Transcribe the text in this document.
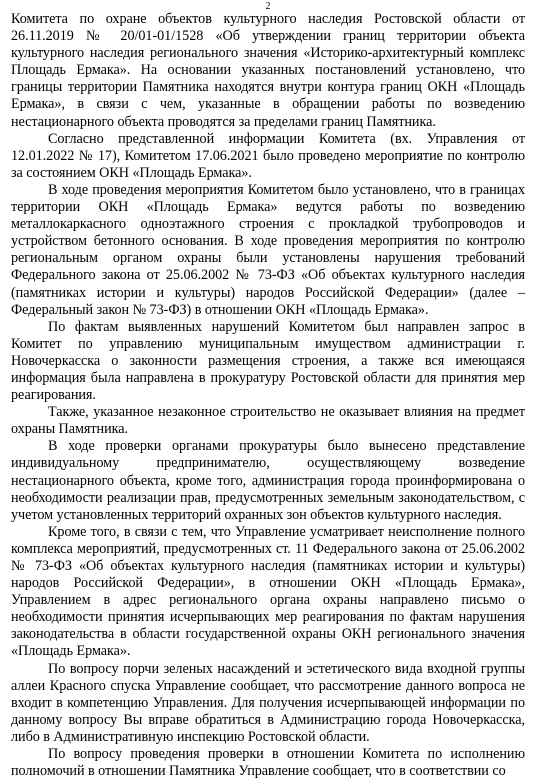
2

Комитета по охране объектов культурного наследия Ростовской области от 26.11.2019 № 20/01-01/1528 «Об утверждении границ территории объекта культурного наследия регионального значения «Историко-архитектурный комплекс Площадь Ермака». На основании указанных постановлений установлено, что границы территории Памятника находятся внутри контура границ ОКН «Площадь Ермака», в связи с чем, указанные в обращении работы по возведению нестационарного объекта проводятся за пределами границ Памятника.

Согласно представленной информации Комитета (вх. Управления от 12.01.2022 № 17), Комитетом 17.06.2021 было проведено мероприятие по контролю за состоянием ОКН «Площадь Ермака».

В ходе проведения мероприятия Комитетом было установлено, что в границах территории ОКН «Площадь Ермака» ведутся работы по возведению металлокаркасного одноэтажного строения с прокладкой трубопроводов и устройством бетонного основания. В ходе проведения мероприятия по контролю региональным органом охраны были установлены нарушения требований Федерального закона от 25.06.2002 № 73-ФЗ «Об объектах культурного наследия (памятниках истории и культуры) народов Российской Федерации» (далее – Федеральный закон № 73-ФЗ) в отношении ОКН «Площадь Ермака».

По фактам выявленных нарушений Комитетом был направлен запрос в Комитет по управлению муниципальным имуществом администрации г. Новочеркасска о законности размещения строения, а также вся имеющаяся информация была направлена в прокуратуру Ростовской области для принятия мер реагирования.

Также, указанное незаконное строительство не оказывает влияния на предмет охраны Памятника.

В ходе проверки органами прокуратуры было вынесено представление индивидуальному предпринимателю, осуществляющему возведение нестационарного объекта, кроме того, администрация города проинформирована о необходимости реализации прав, предусмотренных земельным законодательством, с учетом установленных территорий охранных зон объектов культурного наследия.

Кроме того, в связи с тем, что Управление усматривает неисполнение полного комплекса мероприятий, предусмотренных ст. 11 Федерального закона от 25.06.2002 № 73-ФЗ «Об объектах культурного наследия (памятниках истории и культуры) народов Российской Федерации», в отношении ОКН «Площадь Ермака», Управлением в адрес регионального органа охраны направлено письмо о необходимости принятия исчерпывающих мер реагирования по фактам нарушения законодательства в области государственной охраны ОКН регионального значения «Площадь Ермака».

По вопросу порчи зеленых насаждений и эстетического вида входной группы аллеи Красного спуска Управление сообщает, что рассмотрение данного вопроса не входит в компетенцию Управления. Для получения исчерпывающей информации по данному вопросу Вы вправе обратиться в Администрацию города Новочеркасска, либо в Административную инспекцию Ростовской области.

По вопросу проведения проверки в отношении Комитета по исполнению полномочий в отношении Памятника Управление сообщает, что в соответствии со
